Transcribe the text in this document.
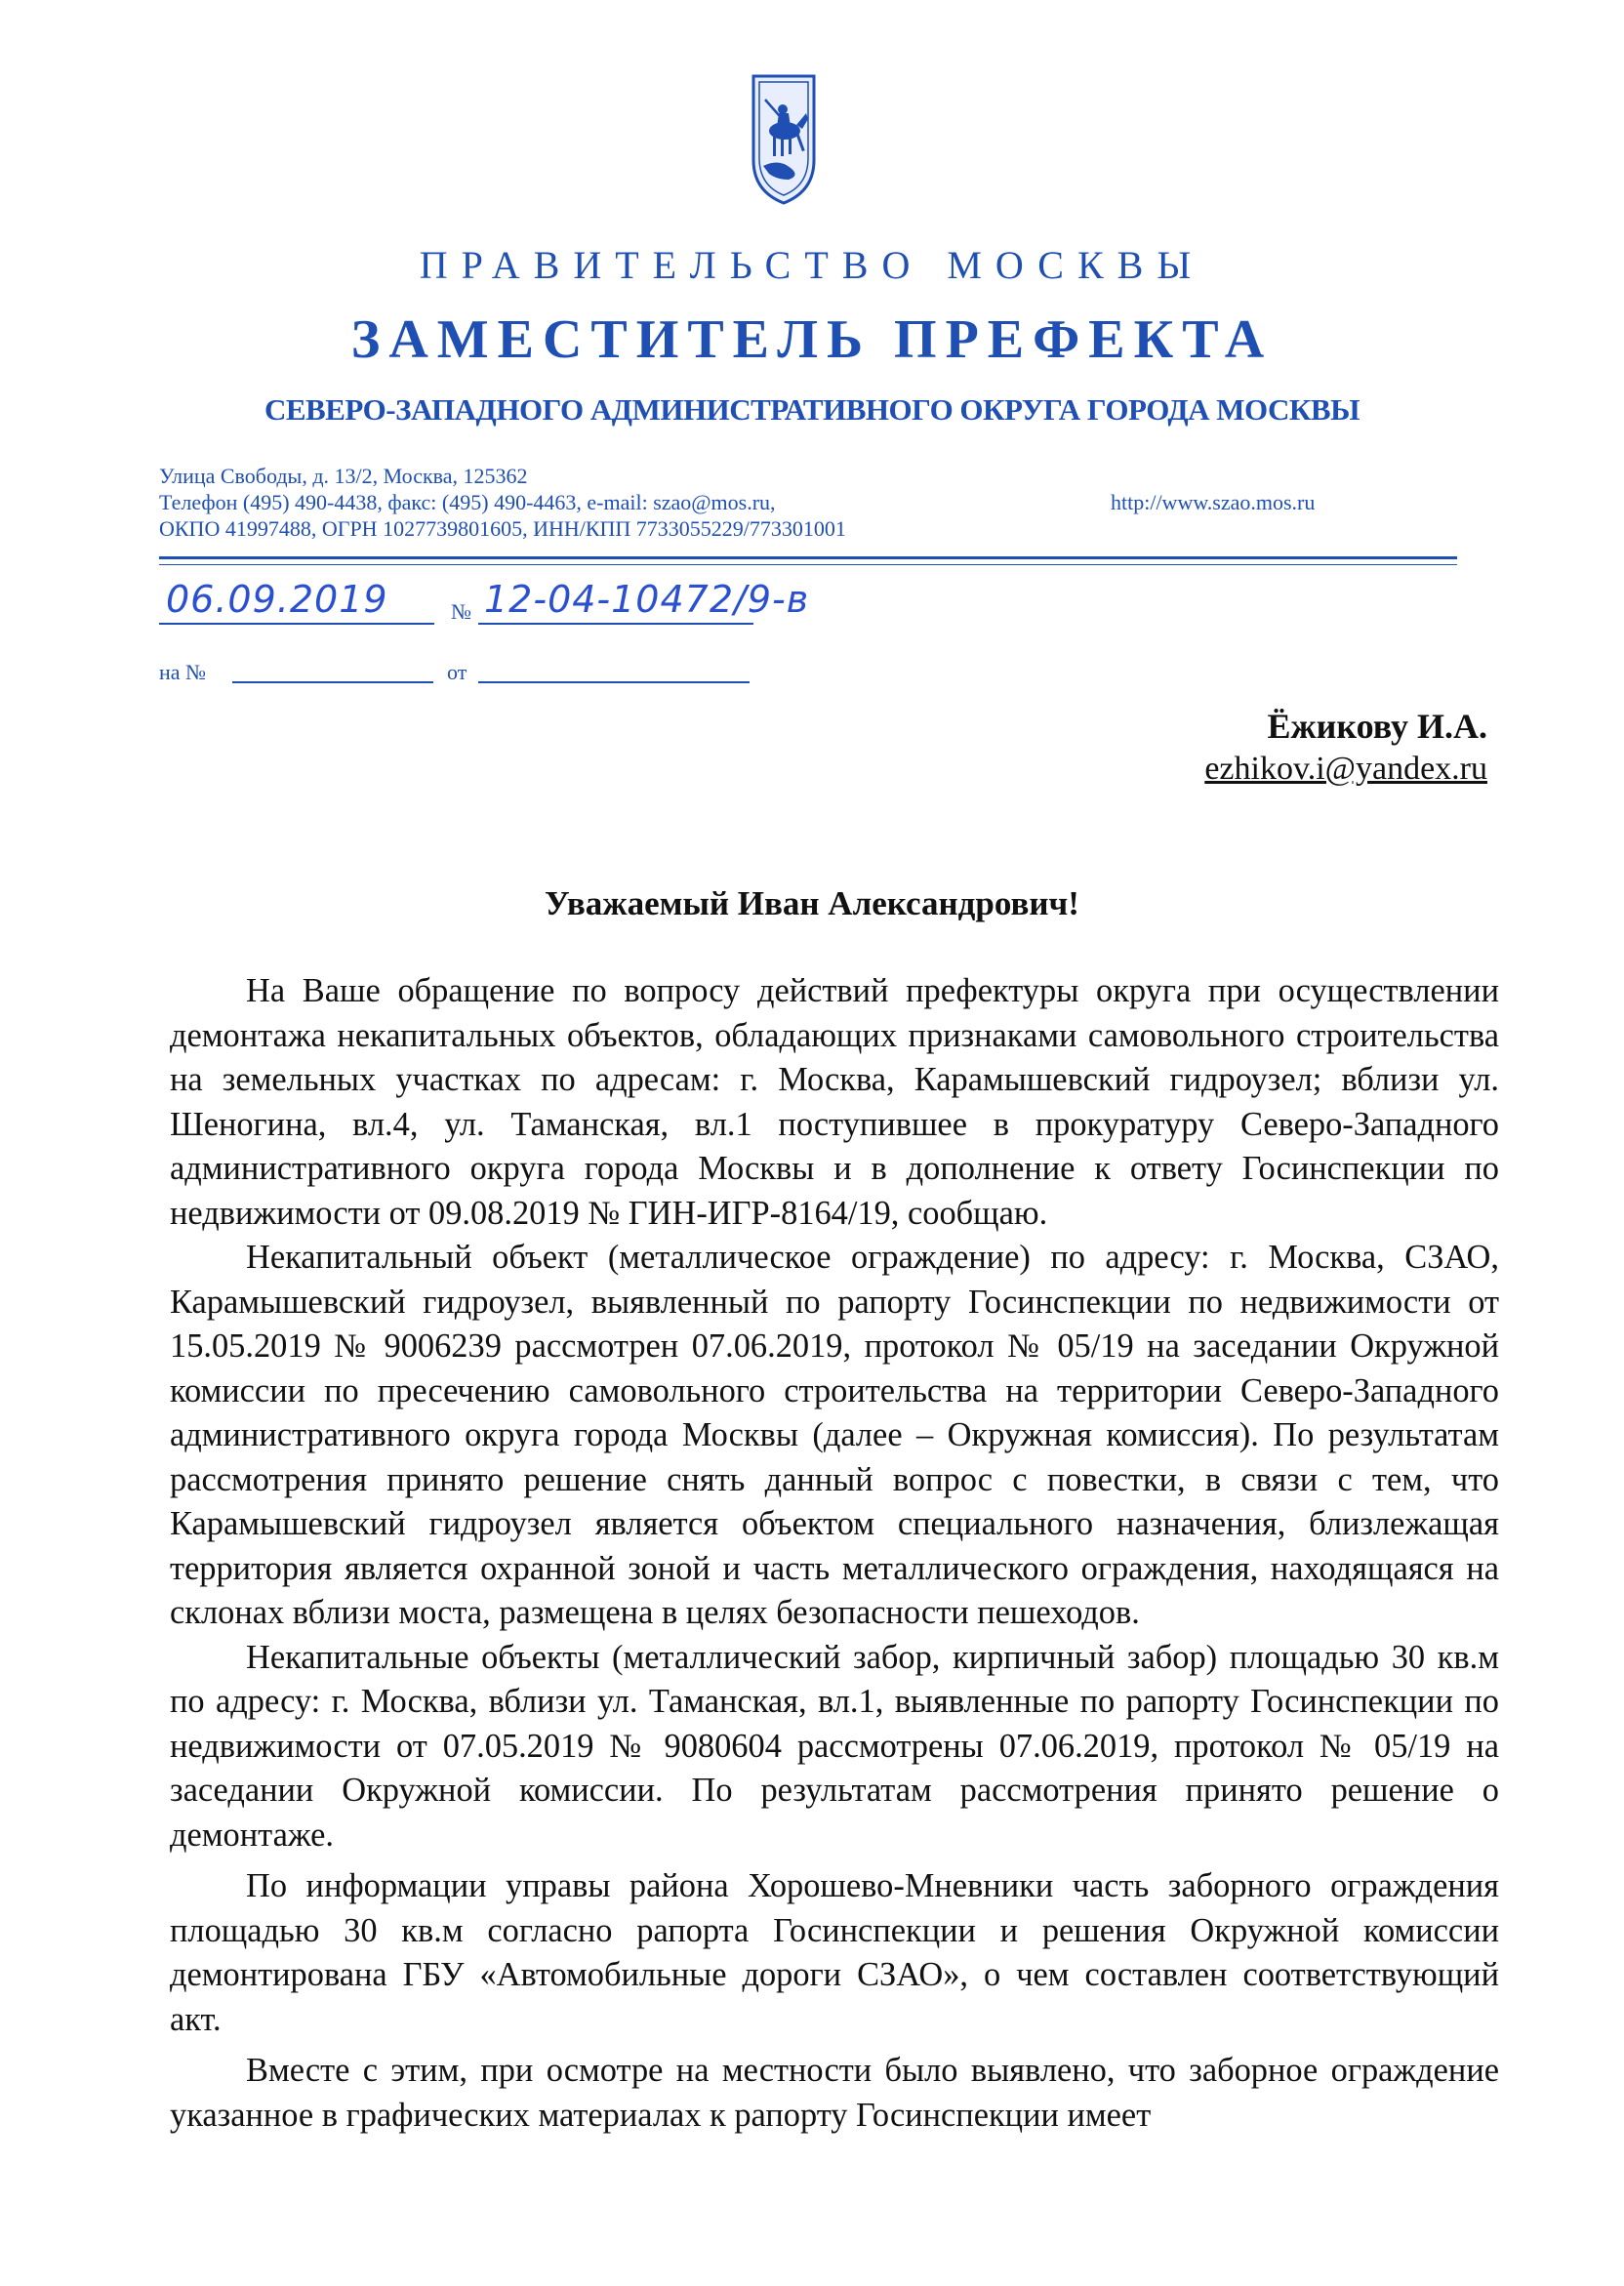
ПРАВИТЕЛЬСТВО МОСКВЫ
ЗАМЕСТИТЕЛЬ ПРЕФЕКТА
СЕВЕРО-ЗАПАДНОГО АДМИНИСТРАТИВНОГО ОКРУГА ГОРОДА МОСКВЫ
Улица Свободы, д. 13/2, Москва, 125362
Телефон (495) 490-4438, факс: (495) 490-4463, e-mail: szao@mos.ru,	http://www.szao.mos.ru
ОКПО 41997488, ОГРН 1027739801605, ИНН/КПП 7733055229/773301001
06.09.2019	№ 12-04-10472/9-в
на №	от
Ёжикову И.А.
ezhikov.i@yandex.ru
Уважаемый Иван Александрович!

На Ваше обращение по вопросу действий префектуры округа при осуществлении демонтажа некапитальных объектов, обладающих признаками самовольного строительства на земельных участках по адресам: г. Москва, Карамышевский гидроузел; вблизи ул. Шеногина, вл.4, ул. Таманская, вл.1 поступившее в прокуратуру Северо-Западного административного округа города Москвы и в дополнение к ответу Госинспекции по недвижимости от 09.08.2019 № ГИН-ИГР-8164/19, сообщаю.

Некапитальный объект (металлическое ограждение) по адресу: г. Москва, СЗАО, Карамышевский гидроузел, выявленный по рапорту Госинспекции по недвижимости от 15.05.2019 № 9006239 рассмотрен 07.06.2019, протокол № 05/19 на заседании Окружной комиссии по пресечению самовольного строительства на территории Северо-Западного административного округа города Москвы (далее – Окружная комиссия). По результатам рассмотрения принято решение снять данный вопрос с повестки, в связи с тем, что Карамышевский гидроузел является объектом специального назначения, близлежащая территория является охранной зоной и часть металлического ограждения, находящаяся на склонах вблизи моста, размещена в целях безопасности пешеходов.

Некапитальные объекты (металлический забор, кирпичный забор) площадью 30 кв.м по адресу: г. Москва, вблизи ул. Таманская, вл.1, выявленные по рапорту Госинспекции по недвижимости от 07.05.2019 № 9080604 рассмотрены 07.06.2019, протокол № 05/19 на заседании Окружной комиссии. По результатам рассмотрения принято решение о демонтаже.

По информации управы района Хорошево-Мневники часть заборного ограждения площадью 30 кв.м согласно рапорта Госинспекции и решения Окружной комиссии демонтирована ГБУ «Автомобильные дороги СЗАО», о чем составлен соответствующий акт.

Вместе с этим, при осмотре на местности было выявлено, что заборное ограждение указанное в графических материалах к рапорту Госинспекции имеет
